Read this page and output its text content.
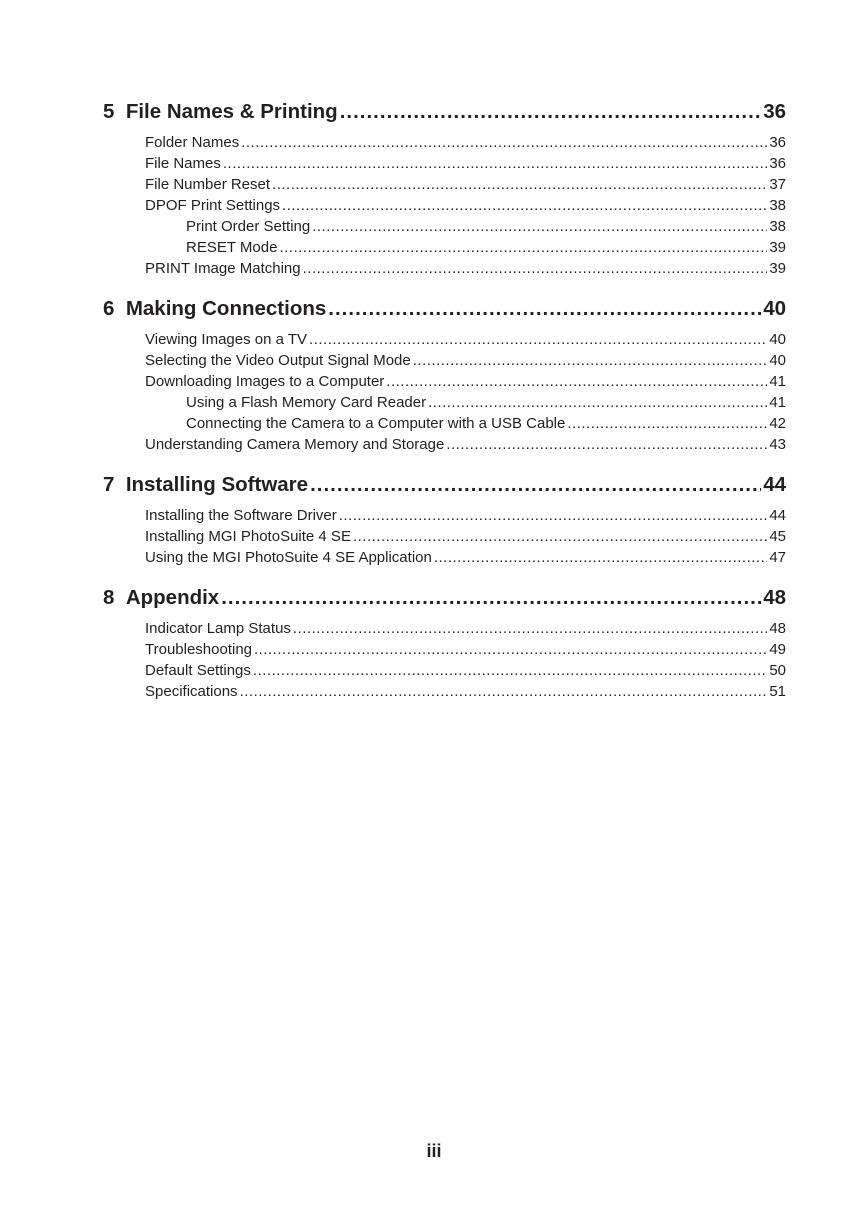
5
File Names & Printing .....	36
Folder Names .....	36
File Names .....	36
File Number Reset .....	37
DPOF Print Settings .....	38
Print Order Setting .....	38
RESET Mode .....	39
PRINT Image Matching .....	39
6
Making Connections .....	40
Viewing Images on a TV .....	40
Selecting the Video Output Signal Mode .....	40
Downloading Images to a Computer .....	41
Using a Flash Memory Card Reader .....	41
Connecting the Camera to a Computer with a USB Cable .....	42
Understanding Camera Memory and Storage .....	43
7
Installing Software .....	44
Installing the Software Driver .....	44
Installing MGI PhotoSuite 4 SE .....	45
Using the MGI PhotoSuite 4 SE Application .....	47
8
Appendix .....	48
Indicator Lamp Status .....	48
Troubleshooting .....	49
Default Settings .....	50
Specifications .....	51
iii
